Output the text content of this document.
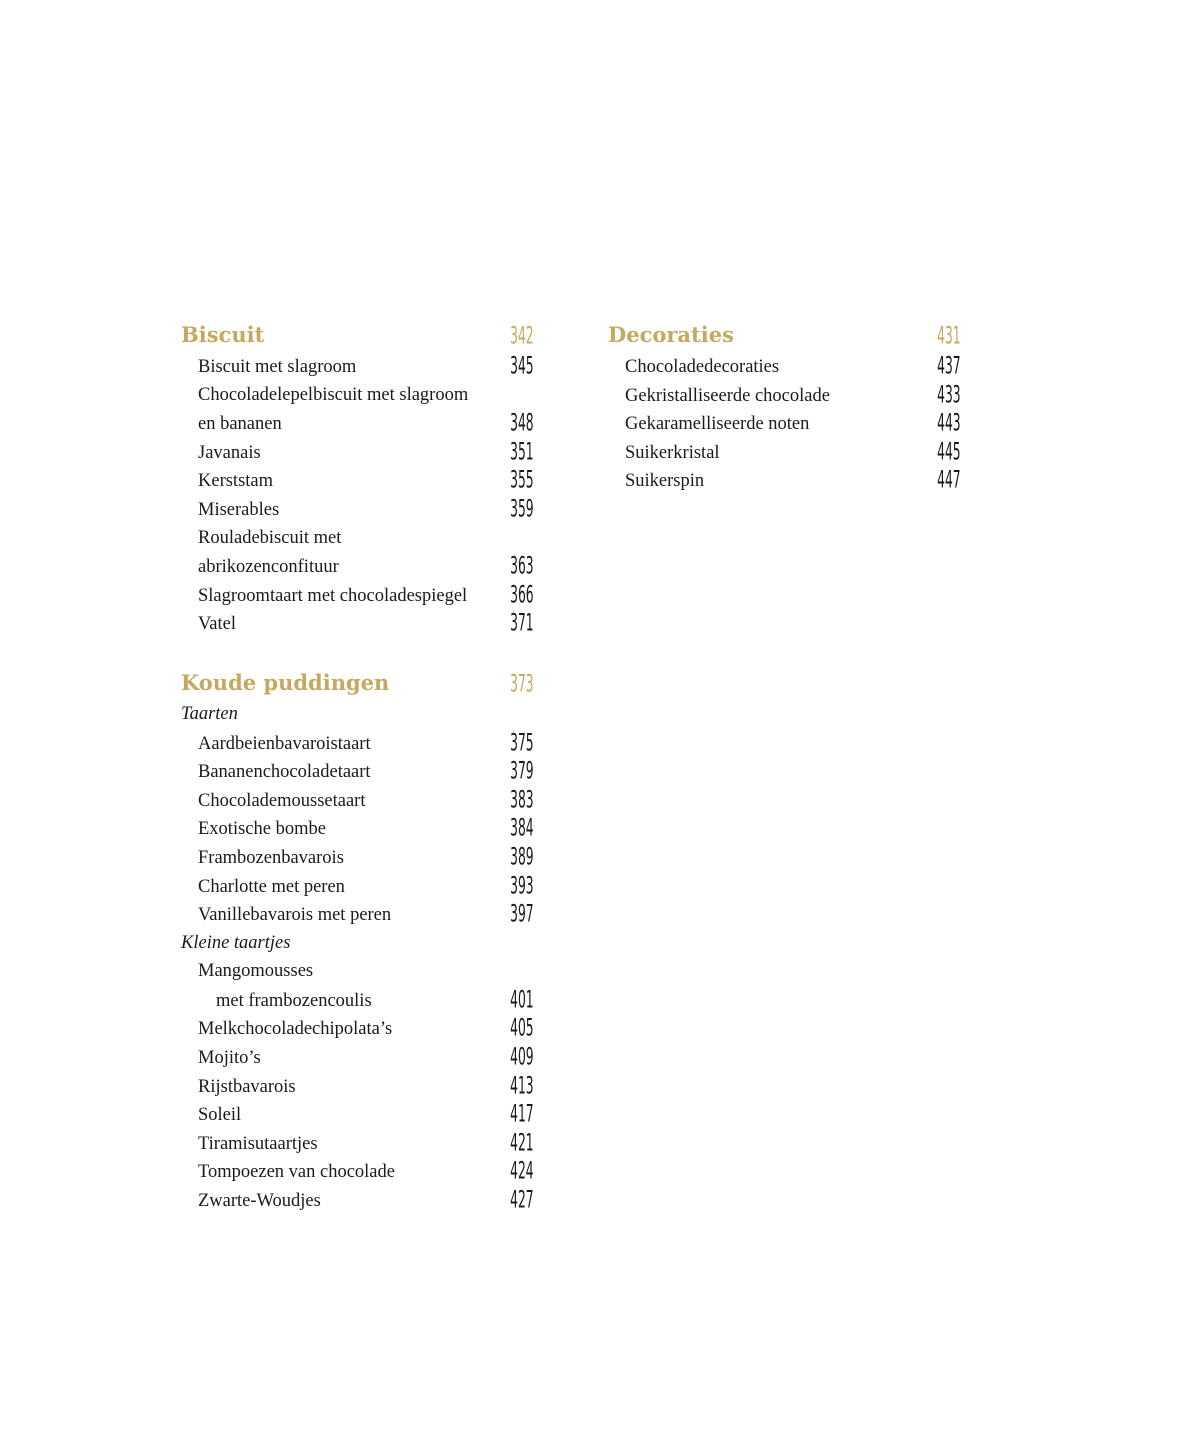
Biscuit	342
Biscuit met slagroom	345
Chocoladelepelbiscuit met slagroom
en bananen	348
Javanais	351
Kerststam	355
Miserables	359
Rouladebiscuit met
abrikozenconfituur	363
Slagroomtaart met chocoladespiegel 366
Vatel	371
Koude puddingen	373
Taarten
Aardbeienbavaroistaart	375
Bananenchocoladetaart	379
Chocolademoussetaart	383
Exotische bombe	384
Frambozenbavarois	389
Charlotte met peren	393
Vanillebavarois met peren	397
Kleine taartjes
Mangomousses
met frambozencoulis	401
Melkchocoladechipolata’s	405
Mojito’s	409
Rijstbavarois	413
Soleil	417
Tiramisutaartjes	421
Tompoezen van chocolade	424
Zwarte-Woudjes	427
Decoraties	431
Chocoladedecoraties	437
Gekristalliseerde chocolade	433
Gekaramelliseerde noten	443
Suikerkristal	445
Suikerspin	447
